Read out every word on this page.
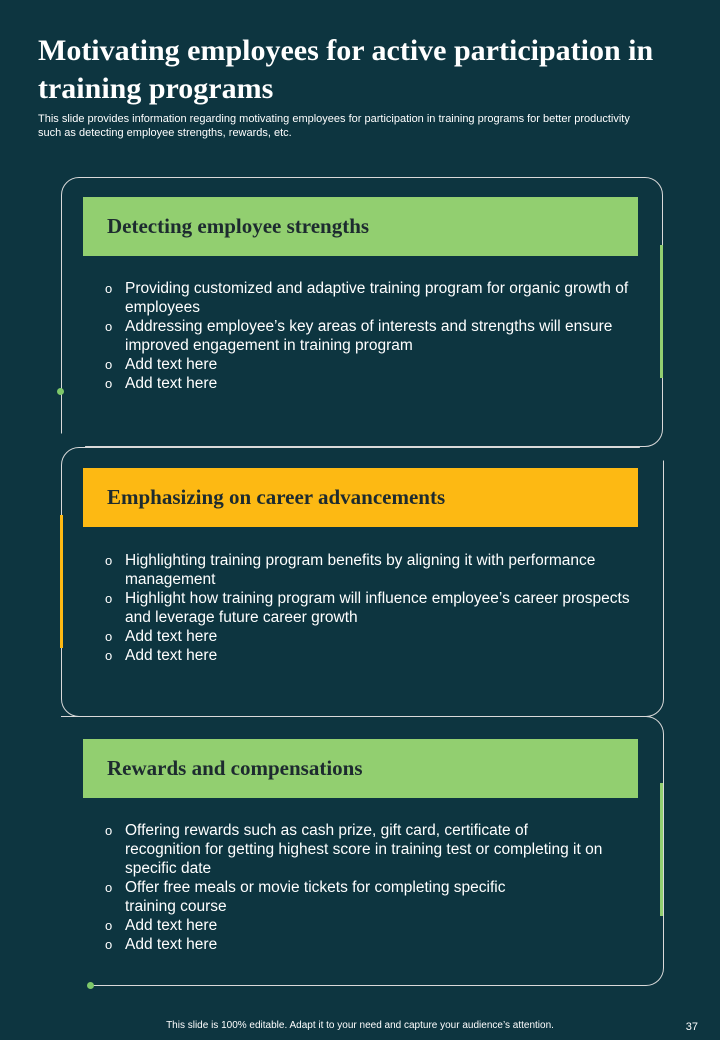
Motivating employees for active participation in training programs

This slide provides information regarding motivating employees for participation in training programs for better productivity such as detecting employee strengths, rewards, etc.

Detecting employee strengths
o Providing customized and adaptive training program for organic growth of employees
o Addressing employee’s key areas of interests and strengths will ensure improved engagement in training program
o Add text here
o Add text here
Emphasizing on career advancements
o Highlighting training program benefits by aligning it with performance management
o Highlight how training program will influence employee’s career prospects and leverage future career growth
o Add text here
o Add text here
Rewards and compensations
o Offering rewards such as cash prize, gift card, certificate of recognition for getting highest score in training test or completing it on specific date
o Offer free meals or movie tickets for completing specific training course
o Add text here
o Add text here
This slide is 100% editable. Adapt it to your need and capture your audience’s attention.	37
